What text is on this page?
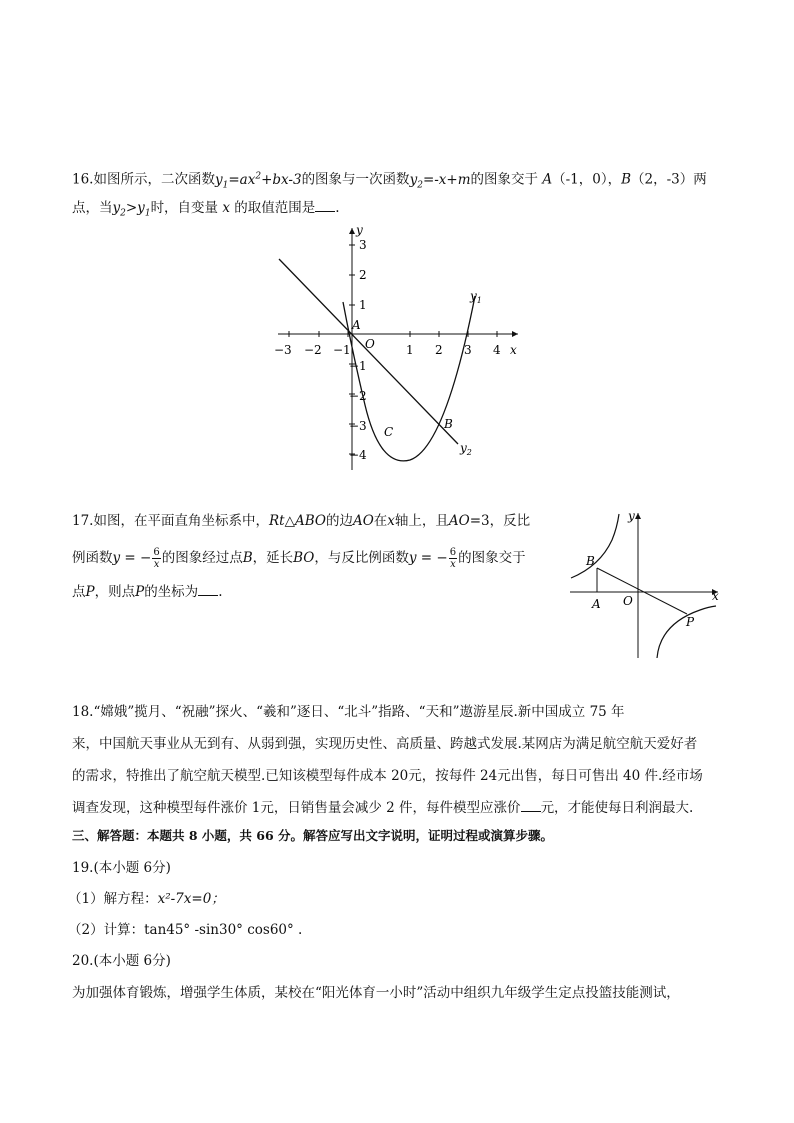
16.如图所示，二次函数$y_1=ax^2+bx-3$的图象与一次函数$y_2=-x+m$的图象交于 A（-1，0），B（2，-3）两
点，当$y_2>y_1$时，自变量 x 的取值范围是 .
y
x
−3 −2 −1	1 2 3 4
3
2
1
−1
−2
−3
−4
A
O
B
C
$y_1$
$y_2$
17.如图，在平面直角坐标系中，Rt△ABO的边AO在x轴上，且AO=3，反比
例函数y = − $\frac{6}{x}$ 的图象经过点B，延长BO，与反比例函数y = − $\frac{6}{x}$ 的图象交于
点P，则点P的坐标为 .
y
x
B
A O
P
18.“嫦娥”揽月、“祝融”探火、“羲和”逐日、“北斗”指路、“天和”遨游星辰.新中国成立 75 年
来，中国航天事业从无到有、从弱到强，实现历史性、高质量、跨越式发展.某网店为满足航空航天爱好者
的需求，特推出了航空航天模型.已知该模型每件成本 20元，按每件 24元出售，每日可售出 40 件.经市场
调查发现，这种模型每件涨价 1元，日销售量会减少 2 件，每件模型应涨价 元，才能使每日利润最大.
三、解答题：本题共 8 小题，共 66 分。解答应写出文字说明，证明过程或演算步骤。
19.(本小题 6分)
（1）解方程：x²-7x=0；
（2）计算：tan45° -sin30° cos60° .
20.(本小题 6分)
为加强体育锻炼，增强学生体质，某校在“阳光体育一小时”活动中组织九年级学生定点投篮技能测试，
